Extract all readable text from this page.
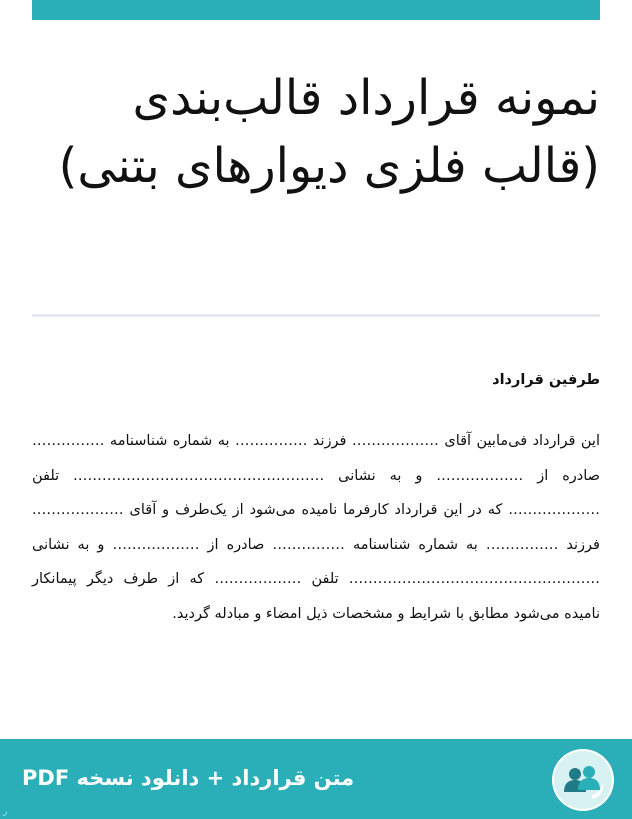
نمونه قرارداد قالب‌بندی (قالب فلزی دیوارهای بتنی)
طرفین قرارداد

این قرارداد فی‌مابین آقای ……………… فرزند …………… به شماره شناسنامه …………… صادره از ……………… و به نشانی ……………………………………………. تلفن ………………. که در این قرارداد کارفرما نامیده می‌شود از یک‌طرف و آقای ………………. فرزند …………… به شماره شناسنامه …………… صادره از ……………… و به نشانی ……………………………………………. تلفن ……………… که از طرف دیگر پیمانکار نامیده می‌شود مطابق با شرایط و مشخصات ذیل امضاء و مبادله گردید.

متن قرارداد + دانلود نسخه PDF
ر
